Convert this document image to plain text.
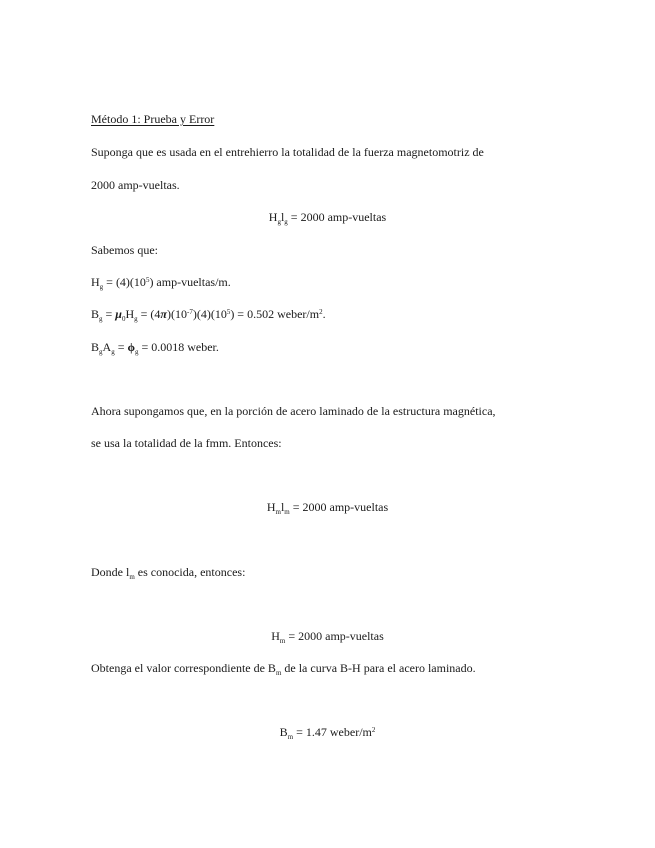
Método 1: Prueba y Error
Suponga que es usada en el entrehierro la totalidad de la fuerza magnetomotriz de
2000 amp-vueltas.
$H_gl_g = 2000$ amp-vueltas
Sabemos que:
$H_g = (4)(10^5)$ amp-vueltas/m.
$B_g = \mu_0H_g = (4\pi)(10^{-7})(4)(10^5) = 0.502$ weber/$m^2$.
$B_gA_g = \phi_g = 0.0018$ weber.
Ahora supongamos que, en la porción de acero laminado de la estructura magnética,
se usa la totalidad de la fmm. Entonces:
$H_ml_m = 2000$ amp-vueltas
Donde $l_m$ es conocida, entonces:
$H_m = 2000$ amp-vueltas
Obtenga el valor correspondiente de $B_m$ de la curva B-H para el acero laminado.
$B_m = 1.47$ weber/$m^2$
